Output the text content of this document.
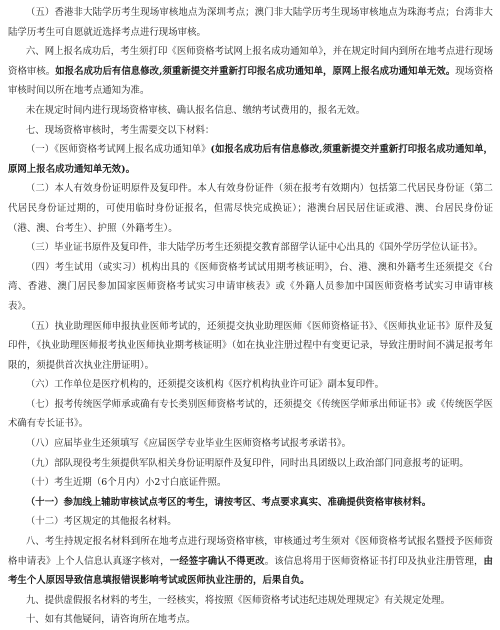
（五）香港非大陆学历考生现场审核地点为深圳考点；澳门非大陆学历考生现场审核地点为珠海考点；台湾非大陆学历考生可自愿就近选择考点进行现场审核。

六、网上报名成功后，考生须打印《医师资格考试网上报名成功通知单》，并在规定时间内到所在地考点进行现场资格审核。如报名成功后有信息修改,须重新提交并重新打印报名成功通知单，原网上报名成功通知单无效。现场资格审核时间以所在地考点通知为准。

未在规定时间内进行现场资格审核、确认报名信息、缴纳考试费用的，报名无效。

七、现场资格审核时，考生需要交以下材料：

（一）《医师资格考试网上报名成功通知单》(如报名成功后有信息修改,须重新提交并重新打印报名成功通知单，原网上报名成功通知单无效)。

（二）本人有效身份证明原件及复印件。本人有效身份证件（须在报考有效期内）包括第二代居民身份证（第二代居民身份证过期的，可使用临时身份证报名，但需尽快完成换证）；港澳台居民居住证或港、澳、台居民身份证（港、澳、台考生）、护照（外籍考生）。

（三）毕业证书原件及复印件，非大陆学历考生还须提交教育部留学认证中心出具的《国外学历学位认证书》。

（四）考生试用（或实习）机构出具的《医师资格考试试用期考核证明》，台、港、澳和外籍考生还须提交《台湾、香港、澳门居民参加国家医师资格考试实习申请审核表》或《外籍人员参加中国医师资格考试实习申请审核表》。

（五）执业助理医师申报执业医师考试的，还须提交执业助理医师《医师资格证书》、《医师执业证书》原件及复印件，《执业助理医师报考执业医师执业期考核证明》（如在执业注册过程中有变更记录，导致注册时间不满足报考年限的，须提供首次执业注册证明）。

（六）工作单位是医疗机构的，还须提交该机构《医疗机构执业许可证》副本复印件。

（七）报考传统医学师承或确有专长类别医师资格考试的，还须提交《传统医学师承出师证书》或《传统医学医术确有专长证书》。

（八）应届毕业生还须填写《应届医学专业毕业生医师资格考试报考承诺书》。

（九）部队现役考生须提供军队相关身份证明原件及复印件，同时出具团级以上政治部门同意报考的证明。

（十）考生近期（6个月内）小2寸白底证件照。

（十一）参加线上辅助审核试点考区的考生，请按考区、考点要求真实、准确提供资格审核材料。

（十二）考区规定的其他报名材料。

八、考生持规定报名材料到所在地考点进行现场资格审核，审核通过考生须对《医师资格考试报名暨授予医师资格申请表》上个人信息认真逐字核对，一经签字确认不得更改。该信息将用于医师资格证书打印及执业注册管理，由考生个人原因导致信息填报错误影响考试或医师执业注册的，后果自负。

九、提供虚假报名材料的考生，一经核实，将按照《医师资格考试违纪违规处理规定》有关规定处理。

十、如有其他疑问，请咨询所在地考点。
